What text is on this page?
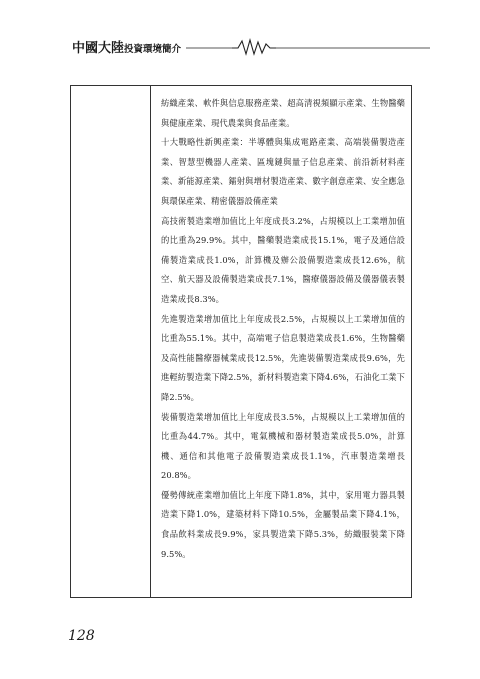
中國大陸投資環境簡介

紡織產業、軟件與信息服務產業、超高清視頻顯示產業、生物醫藥與健康產業、現代農業與食品產業。

十大戰略性新興產業：半導體與集成電路產業、高端裝備製造產業、智慧型機器人產業、區塊鏈與量子信息產業、前沿新材料產業、新能源產業、鐳射與增材製造產業、數字創意產業、安全應急與環保產業、精密儀器設備產業

高技術製造業增加值比上年度成長3.2%，占規模以上工業增加值的比重為29.9%。其中，醫藥製造業成長15.1%，電子及通信設備製造業成長1.0%，計算機及辦公設備製造業成長12.6%，航空、航天器及設備製造業成長7.1%，醫療儀器設備及儀器儀表製造業成長8.3%。

先進製造業增加值比上年度成長2.5%，占規模以上工業增加值的比重為55.1%。其中，高端電子信息製造業成長1.6%，生物醫藥及高性能醫療器械業成長12.5%，先進裝備製造業成長9.6%，先進輕紡製造業下降2.5%，新材料製造業下降4.6%，石油化工業下降2.5%。

裝備製造業增加值比上年度成長3.5%，占規模以上工業增加值的比重為44.7%。其中，電氣機械和器材製造業成長5.0%，計算機、通信和其他電子設備製造業成長1.1%，汽車製造業增長20.8%。

優勢傳統產業增加值比上年度下降1.8%，其中，家用電力器具製造業下降1.0%，建築材料下降10.5%，金屬製品業下降4.1%，食品飲料業成長9.9%，家具製造業下降5.3%，紡織服裝業下降9.5%。

128
